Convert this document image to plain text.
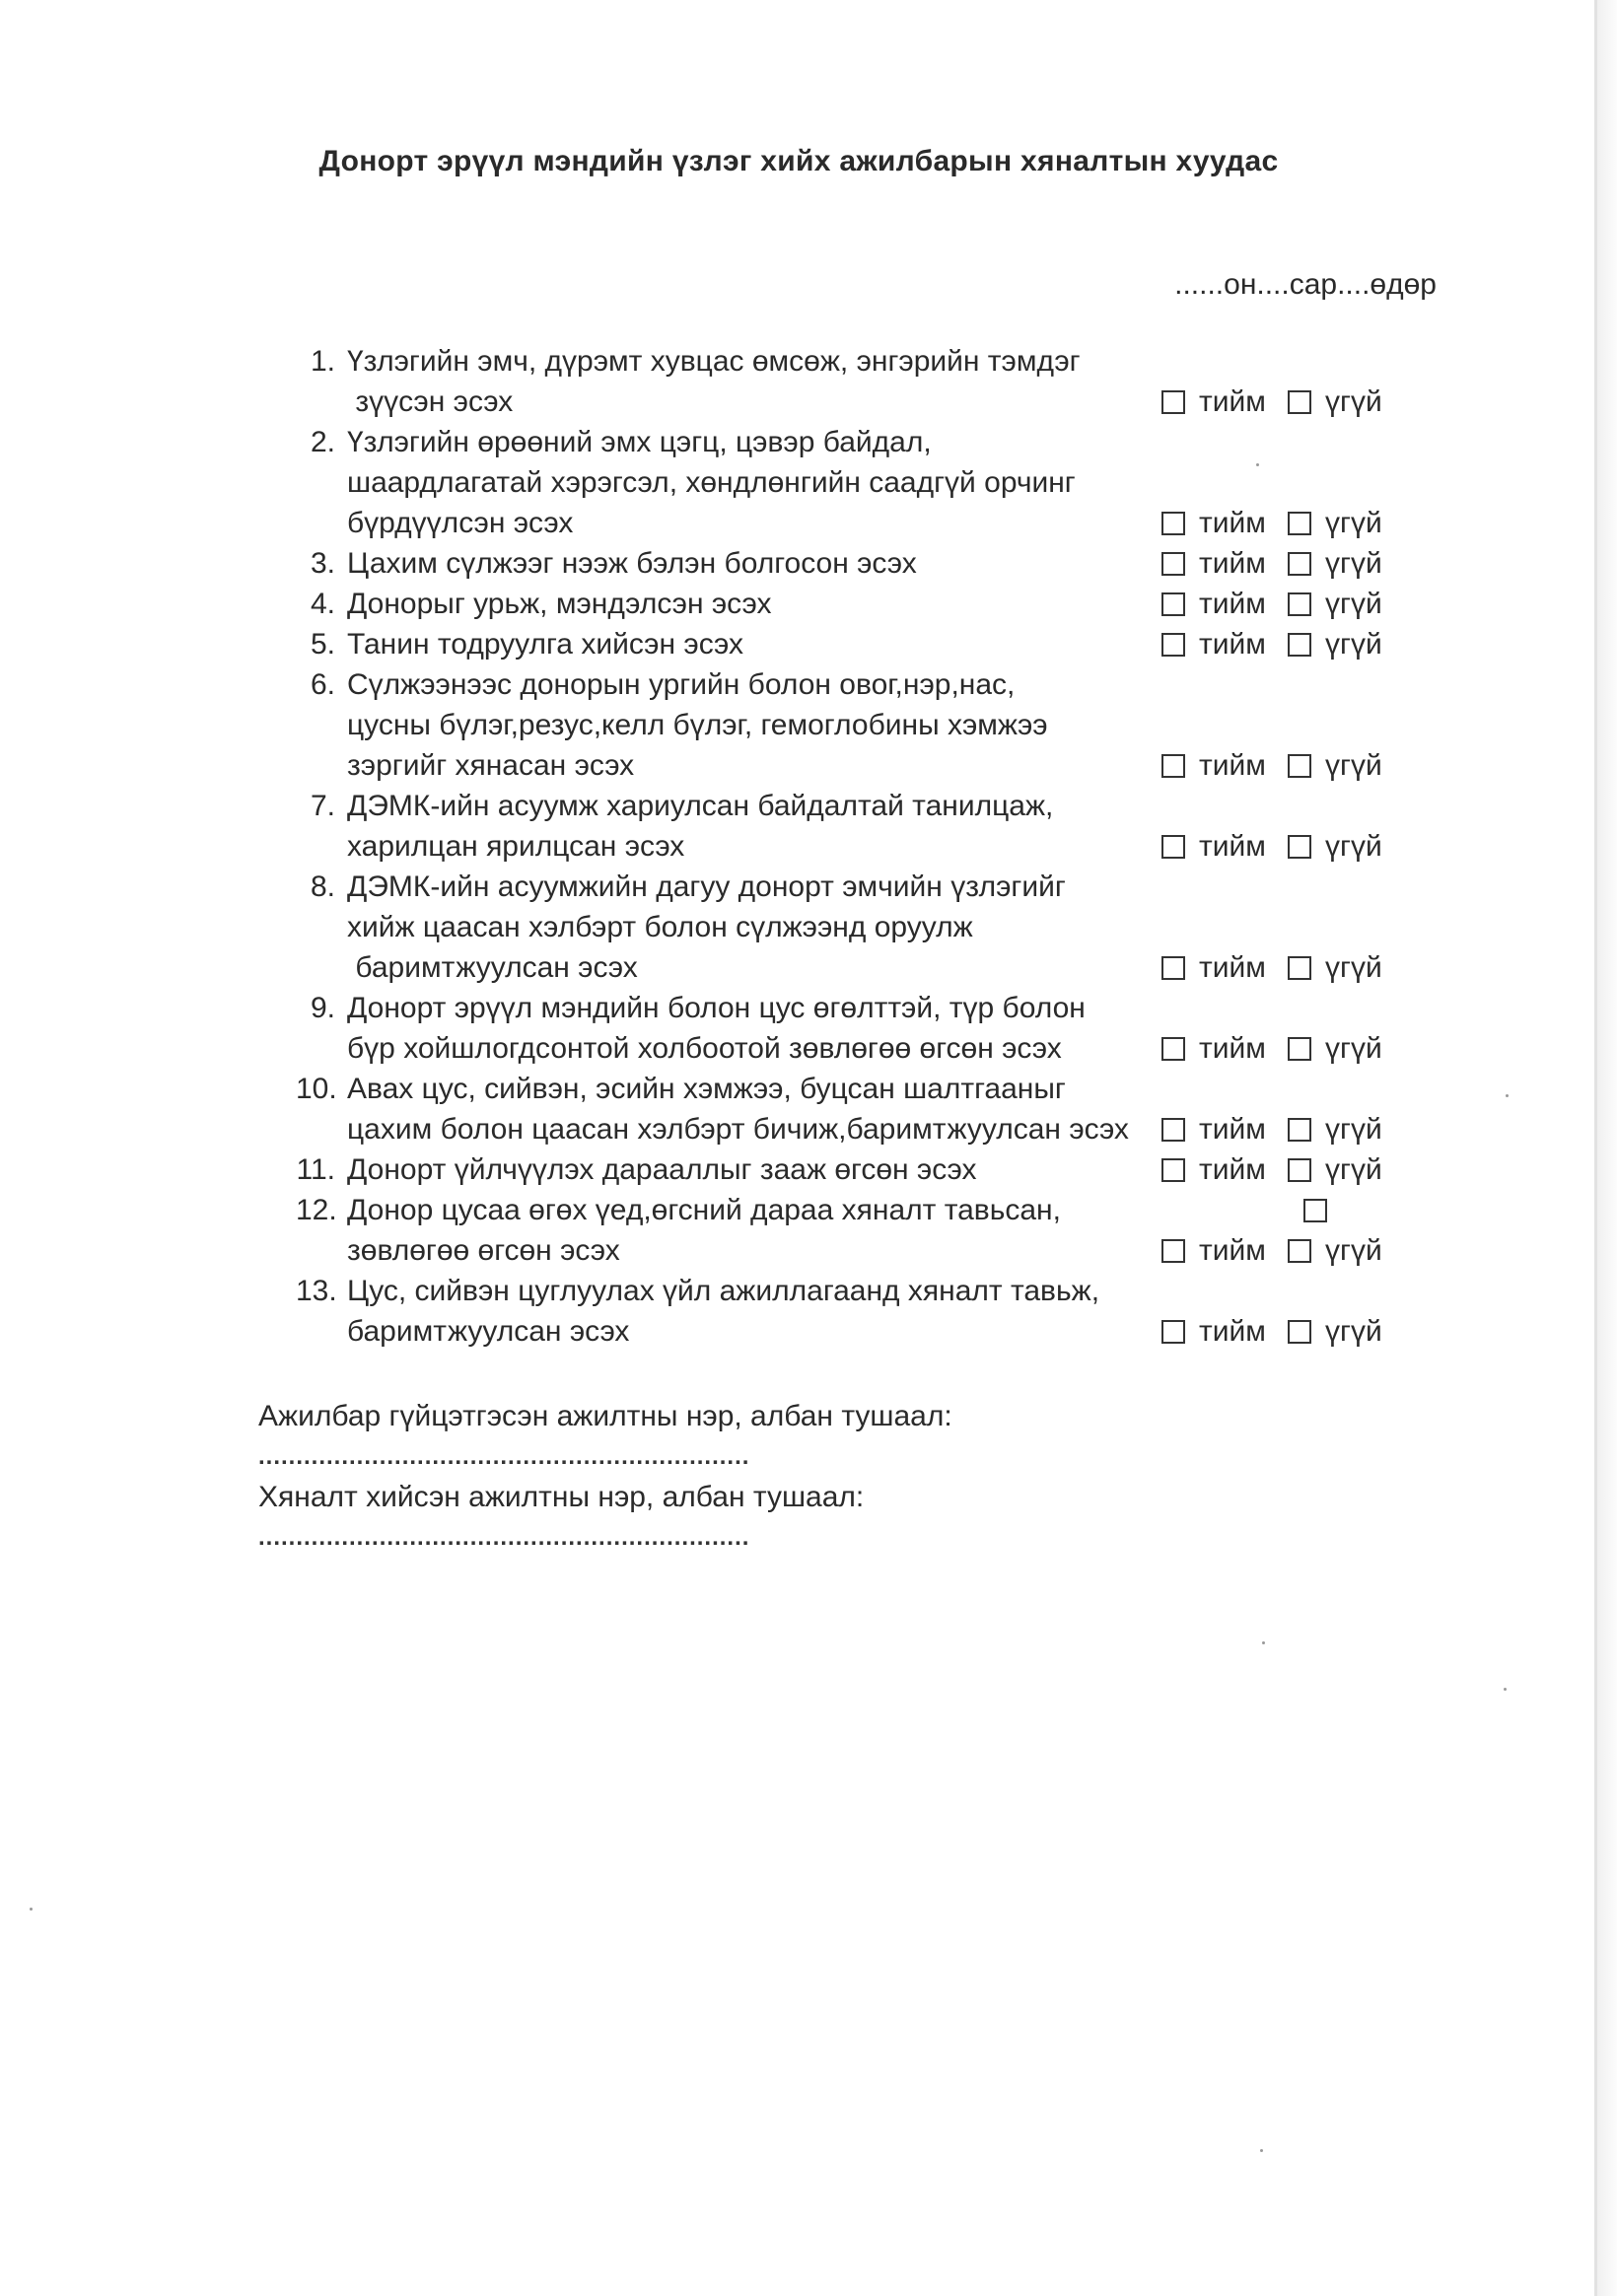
Донорт эрүүл мэндийн үзлэг хийх ажилбарын хяналтын хуудас
......он....сар....өдөр
1. Үзлэгийн эмч, дүрэмт хувцас өмсөж, энгэрийн тэмдэг
зүүсэн эсэх	тийм	үгүй
2. Үзлэгийн өрөөний эмх цэгц, цэвэр байдал,
шаардлагатай хэрэгсэл, хөндлөнгийн саадгүй орчинг
бүрдүүлсэн эсэх	тийм	үгүй
3. Цахим сүлжээг нээж бэлэн болгосон эсэх	тийм	үгүй
4. Донорыг урьж, мэндэлсэн эсэх	тийм	үгүй
5. Танин тодруулга хийсэн эсэх	тийм	үгүй
6. Сүлжээнээс донорын ургийн болон овог,нэр,нас,
цусны бүлэг,резус,келл бүлэг, гемоглобины хэмжээ
зэргийг хянасан эсэх	тийм	үгүй
7. ДЭМК-ийн асуумж хариулсан байдалтай танилцаж,
харилцан ярилцсан эсэх	тийм	үгүй
8. ДЭМК-ийн асуумжийн дагуу донорт эмчийн үзлэгийг
хийж цаасан хэлбэрт болон сүлжээнд оруулж
баримтжуулсан эсэх	тийм	үгүй
9. Донорт эрүүл мэндийн болон цус өгөлттэй, түр болон
бүр хойшлогдсонтой холбоотой зөвлөгөө өгсөн эсэх	тийм	үгүй
10. Авах цус, сийвэн, эсийн хэмжээ, буцсан шалтгааныг
цахим болон цаасан хэлбэрт бичиж,баримтжуулсан эсэх	тийм	үгүй
11. Донорт үйлчүүлэх дарааллыг зааж өгсөн эсэх	тийм	үгүй
12. Донор цусаа өгөх үед,өгсний дараа хяналт тавьсан,
зөвлөгөө өгсөн эсэх	тийм	үгүй
13. Цус, сийвэн цуглуулах үйл ажиллагаанд хяналт тавьж,
баримтжуулсан эсэх	тийм	үгүй
Ажилбар гүйцэтгэсэн ажилтны нэр, албан тушаал:
.................................................................
Хяналт хийсэн ажилтны нэр, албан тушаал:
.................................................................
